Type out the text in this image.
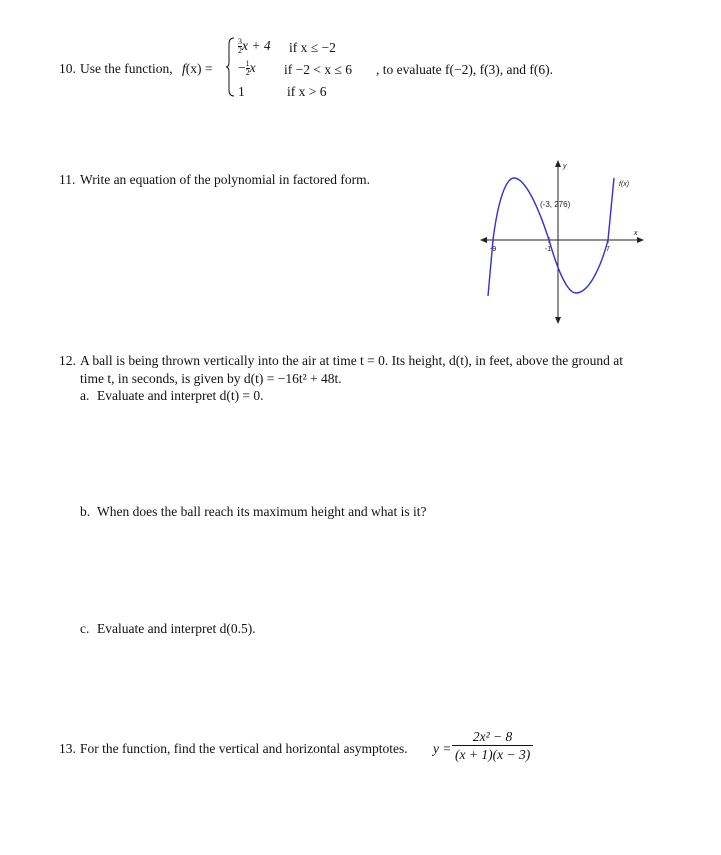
10. Use the function, f(x) =
$\frac{3}{2}$ x + 4 if x ≤ −2
− $\frac{1}{2}$ x if −2 < x ≤ 6 , to evaluate f(−2), f(3), and f(6).
1	if x > 6
11. Write an equation of the polynomial in factored form.
y
x
f(x)
(-3, 276)
-9	-1	7
12. A ball is being thrown vertically into the air at time t = 0. Its height, d(t), in feet, above the ground at
time t, in seconds, is given by d(t) = −16t² + 48t.
a. Evaluate and interpret d(t) = 0.
b. When does the ball reach its maximum height and what is it?
c. Evaluate and interpret d(0.5).
13. For the function, find the vertical and horizontal asymptotes. $y = \frac{\text{2x² − 8}}{(x + 1)(x - 3)}$
